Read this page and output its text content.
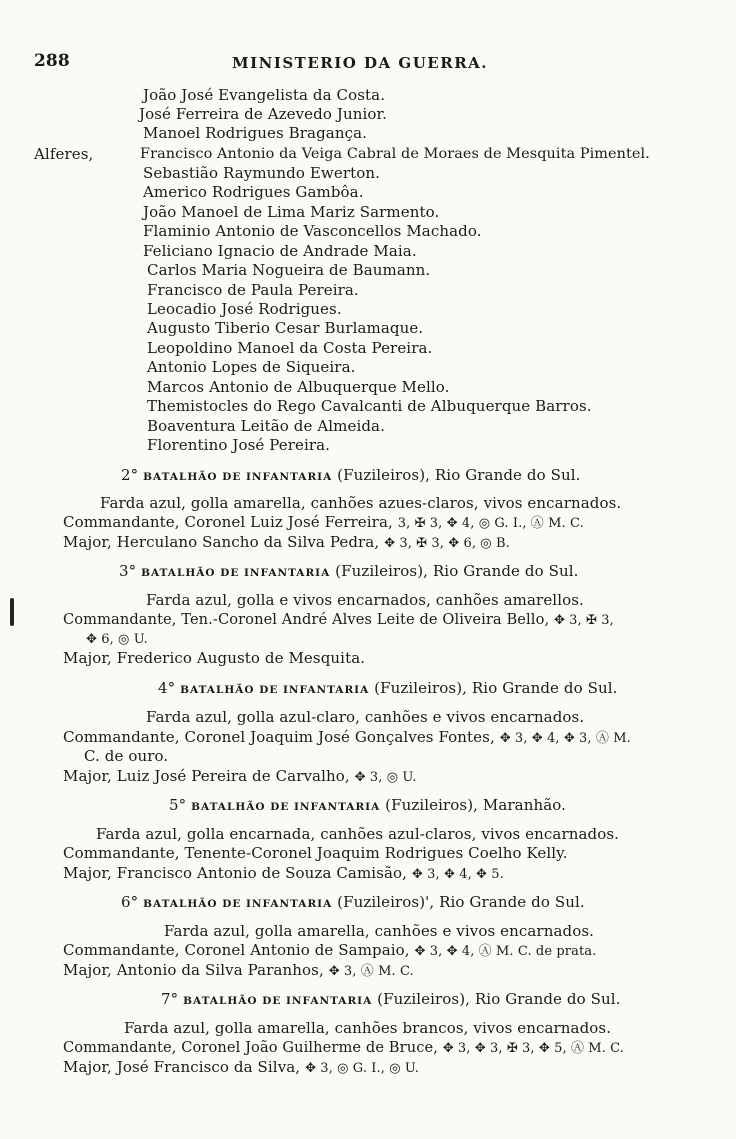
288	MINISTERIO DA GUERRA.
João José Evangelista da Costa.
José Ferreira de Azevedo Junior.
Manoel Rodrigues Bragança.
Alferes,	Francisco Antonio da Veiga Cabral de Moraes de Mesquita Pimentel.
Sebastião Raymundo Ewerton.
Americo Rodrigues Gambôa.
João Manoel de Lima Mariz Sarmento.
Flaminio Antonio de Vasconcellos Machado.
Feliciano Ignacio de Andrade Maia.
Carlos Maria Nogueira de Baumann.
Francisco de Paula Pereira.
Leocadio José Rodrigues.
Augusto Tiberio Cesar Burlamaque.
Leopoldino Manoel da Costa Pereira.
Antonio Lopes de Siqueira.
Marcos Antonio de Albuquerque Mello.
Themistocles do Rego Cavalcanti de Albuquerque Barros.
Boaventura Leitão de Almeida.
Florentino José Pereira.
2° BATALHÃO DE INFANTARIA (Fuzileiros), Rio Grande do Sul.
Farda azul, golla amarella, canhões azues-claros, vivos encarnados.
Commandante, Coronel Luiz José Ferreira, 3, ✠ 3, ✥ 4, ◎ G. I., Ⓐ M. C.
Major, Herculano Sancho da Silva Pedra, ✥ 3, ✠ 3, ✥ 6, ◎ B.
3° BATALHÃO DE INFANTARIA (Fuzileiros), Rio Grande do Sul.
Farda azul, golla e vivos encarnados, canhões amarellos.
Commandante, Ten.-Coronel André Alves Leite de Oliveira Bello, ✥ 3, ✠ 3,
✥ 6, ◎ U.
Major, Frederico Augusto de Mesquita.
4° BATALHÃO DE INFANTARIA (Fuzileiros), Rio Grande do Sul.
Farda azul, golla azul-claro, canhões e vivos encarnados.
Commandante, Coronel Joaquim José Gonçalves Fontes, ✥ 3, ✥ 4, ✥ 3, Ⓐ M.
C. de ouro.
Major, Luiz José Pereira de Carvalho, ✥ 3, ◎ U.
5° BATALHÃO DE INFANTARIA (Fuzileiros), Maranhão.
Farda azul, golla encarnada, canhões azul-claros, vivos encarnados.
Commandante, Tenente-Coronel Joaquim Rodrigues Coelho Kelly.
Major, Francisco Antonio de Souza Camisão, ✥ 3, ✥ 4, ✥ 5.
6° BATALHÃO DE INFANTARIA (Fuzileiros)', Rio Grande do Sul.
Farda azul, golla amarella, canhões e vivos encarnados.
Commandante, Coronel Antonio de Sampaio, ✥ 3, ✥ 4, Ⓐ M. C. de prata.
Major, Antonio da Silva Paranhos, ✥ 3, Ⓐ M. C.
7° BATALHÃO DE INFANTARIA (Fuzileiros), Rio Grande do Sul.
Farda azul, golla amarella, canhões brancos, vivos encarnados.
Commandante, Coronel João Guilherme de Bruce, ✥ 3, ✥ 3, ✠ 3, ✥ 5, Ⓐ M. C.
Major, José Francisco da Silva, ✥ 3, ◎ G. I., ◎ U.
